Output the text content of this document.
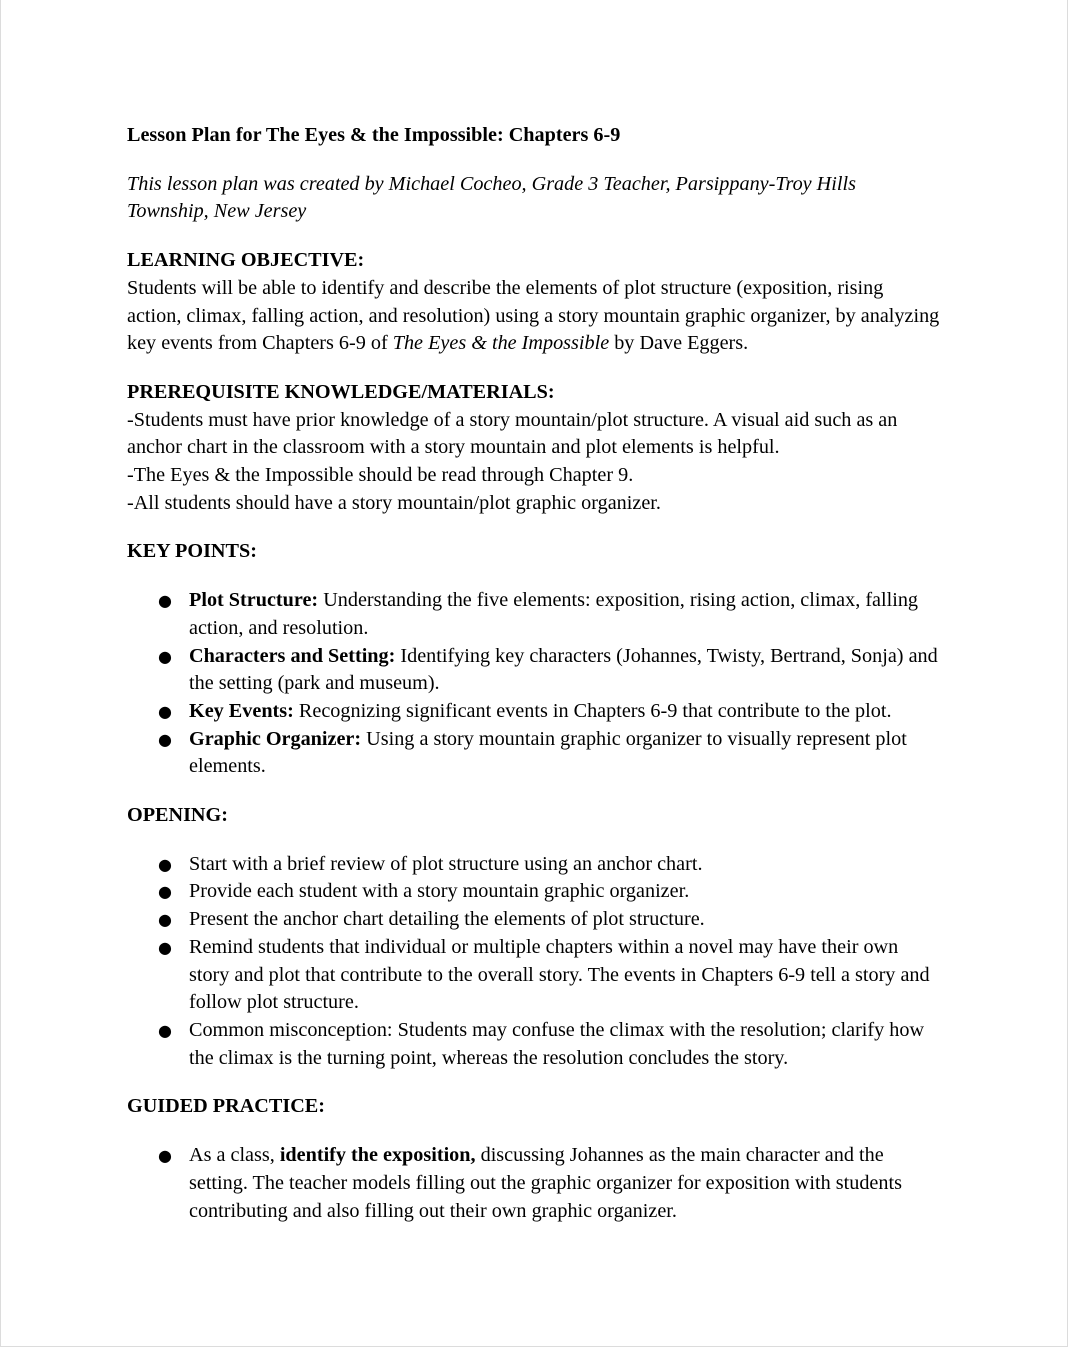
Lesson Plan for The Eyes & the Impossible: Chapters 6-9

This lesson plan was created by Michael Cocheo, Grade 3 Teacher, Parsippany-Troy Hills Township, New Jersey

LEARNING OBJECTIVE:

Students will be able to identify and describe the elements of plot structure (exposition, rising action, climax, falling action, and resolution) using a story mountain graphic organizer, by analyzing key events from Chapters 6-9 of The Eyes & the Impossible by Dave Eggers.

PREREQUISITE KNOWLEDGE/MATERIALS:

-Students must have prior knowledge of a story mountain/plot structure. A visual aid such as an anchor chart in the classroom with a story mountain and plot elements is helpful.

-The Eyes & the Impossible should be read through Chapter 9.

-All students should have a story mountain/plot graphic organizer.

KEY POINTS:

● Plot Structure: Understanding the five elements: exposition, rising action, climax, falling action, and resolution.
● Characters and Setting: Identifying key characters (Johannes, Twisty, Bertrand, Sonja) and the setting (park and museum).
● Key Events: Recognizing significant events in Chapters 6-9 that contribute to the plot.
● Graphic Organizer: Using a story mountain graphic organizer to visually represent plot elements.

OPENING:

● Start with a brief review of plot structure using an anchor chart.
● Provide each student with a story mountain graphic organizer.
● Present the anchor chart detailing the elements of plot structure.
● Remind students that individual or multiple chapters within a novel may have their own story and plot that contribute to the overall story. The events in Chapters 6-9 tell a story and follow plot structure.
● Common misconception: Students may confuse the climax with the resolution; clarify how the climax is the turning point, whereas the resolution concludes the story.

GUIDED PRACTICE:

● As a class, identify the exposition, discussing Johannes as the main character and the setting. The teacher models filling out the graphic organizer for exposition with students contributing and also filling out their own graphic organizer.
